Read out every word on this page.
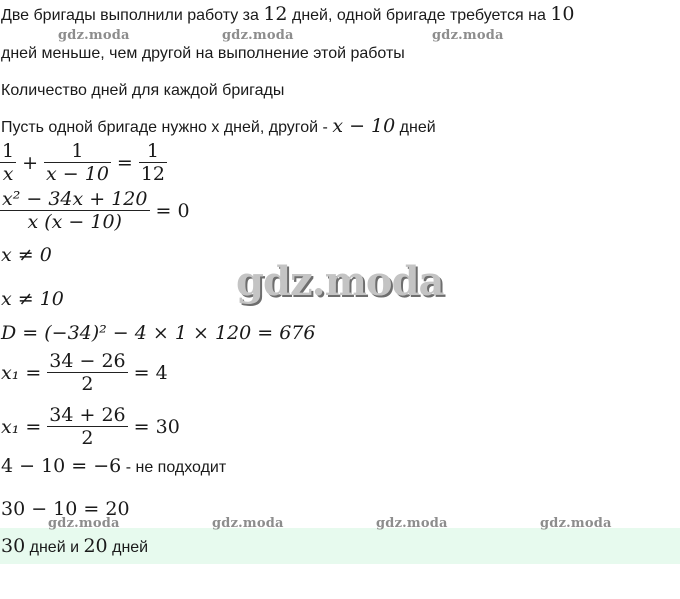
Две бригады выполнили работу за 12 дней, одной бригаде требуется на 10
дней меньше, чем другой на выполнение этой работы
Количество дней для каждой бригады
Пусть одной бригаде нужно х дней, другой - x − 10 дней
$\frac{1}{x} + \frac{1}{x - 10} = \frac{1}{12}$
$\frac{\text{x² − 34x + 120}}{x (x - 10)} = 0$
x ≠ 0
x ≠ 10
D = (−34)² − 4 × 1 × 120 = 676
$x_1 = \frac{34 - 26}{2} = 4$
$x_1 = \frac{34 + 26}{2} = 30$
4 − 10 = −6 - не подходит
30 − 10 = 20
30 дней и 20 дней
gdz.moda	gdz.moda	gdz.moda
gdz.moda
gdz.moda	gdz.moda	gdz.moda	gdz.moda
